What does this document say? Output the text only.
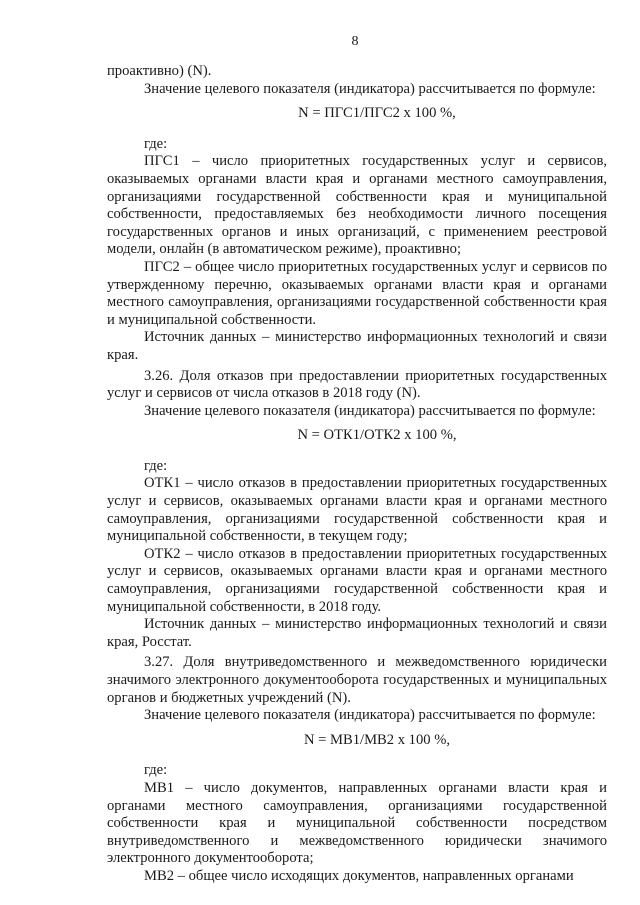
8

проактивно) (N).

Значение целевого показателя (индикатора) рассчитывается по формуле:

N = ПГС1/ПГС2 х 100 %,

где:

ПГС1 – число приоритетных государственных услуг и сервисов, оказываемых органами власти края и органами местного самоуправления, организациями государственной собственности края и муниципальной собственности, предоставляемых без необходимости личного посещения государственных органов и иных организаций, с применением реестровой модели, онлайн (в автоматическом режиме), проактивно;

ПГС2 – общее число приоритетных государственных услуг и сервисов по утвержденному перечню, оказываемых органами власти края и органами местного самоуправления, организациями государственной собственности края и муниципальной собственности.

Источник данных – министерство информационных технологий и связи края.

3.26. Доля отказов при предоставлении приоритетных государственных услуг и сервисов от числа отказов в 2018 году (N).

Значение целевого показателя (индикатора) рассчитывается по формуле:

N = ОТК1/ОТК2 х 100 %,

где:

ОТК1 – число отказов в предоставлении приоритетных государственных услуг и сервисов, оказываемых органами власти края и органами местного самоуправления, организациями государственной собственности края и муниципальной собственности, в текущем году;

ОТК2 – число отказов в предоставлении приоритетных государственных услуг и сервисов, оказываемых органами власти края и органами местного самоуправления, организациями государственной собственности края и муниципальной собственности, в 2018 году.

Источник данных – министерство информационных технологий и связи края, Росстат.

3.27. Доля внутриведомственного и межведомственного юридически значимого электронного документооборота государственных и муниципальных органов и бюджетных учреждений (N).

Значение целевого показателя (индикатора) рассчитывается по формуле:

N = МВ1/МВ2 х 100 %,

где:

МВ1 – число документов, направленных органами власти края и органами местного самоуправления, организациями государственной собственности края и муниципальной собственности посредством внутриведомственного и межведомственного юридически значимого электронного документооборота;

МВ2 – общее число исходящих документов, направленных органами
